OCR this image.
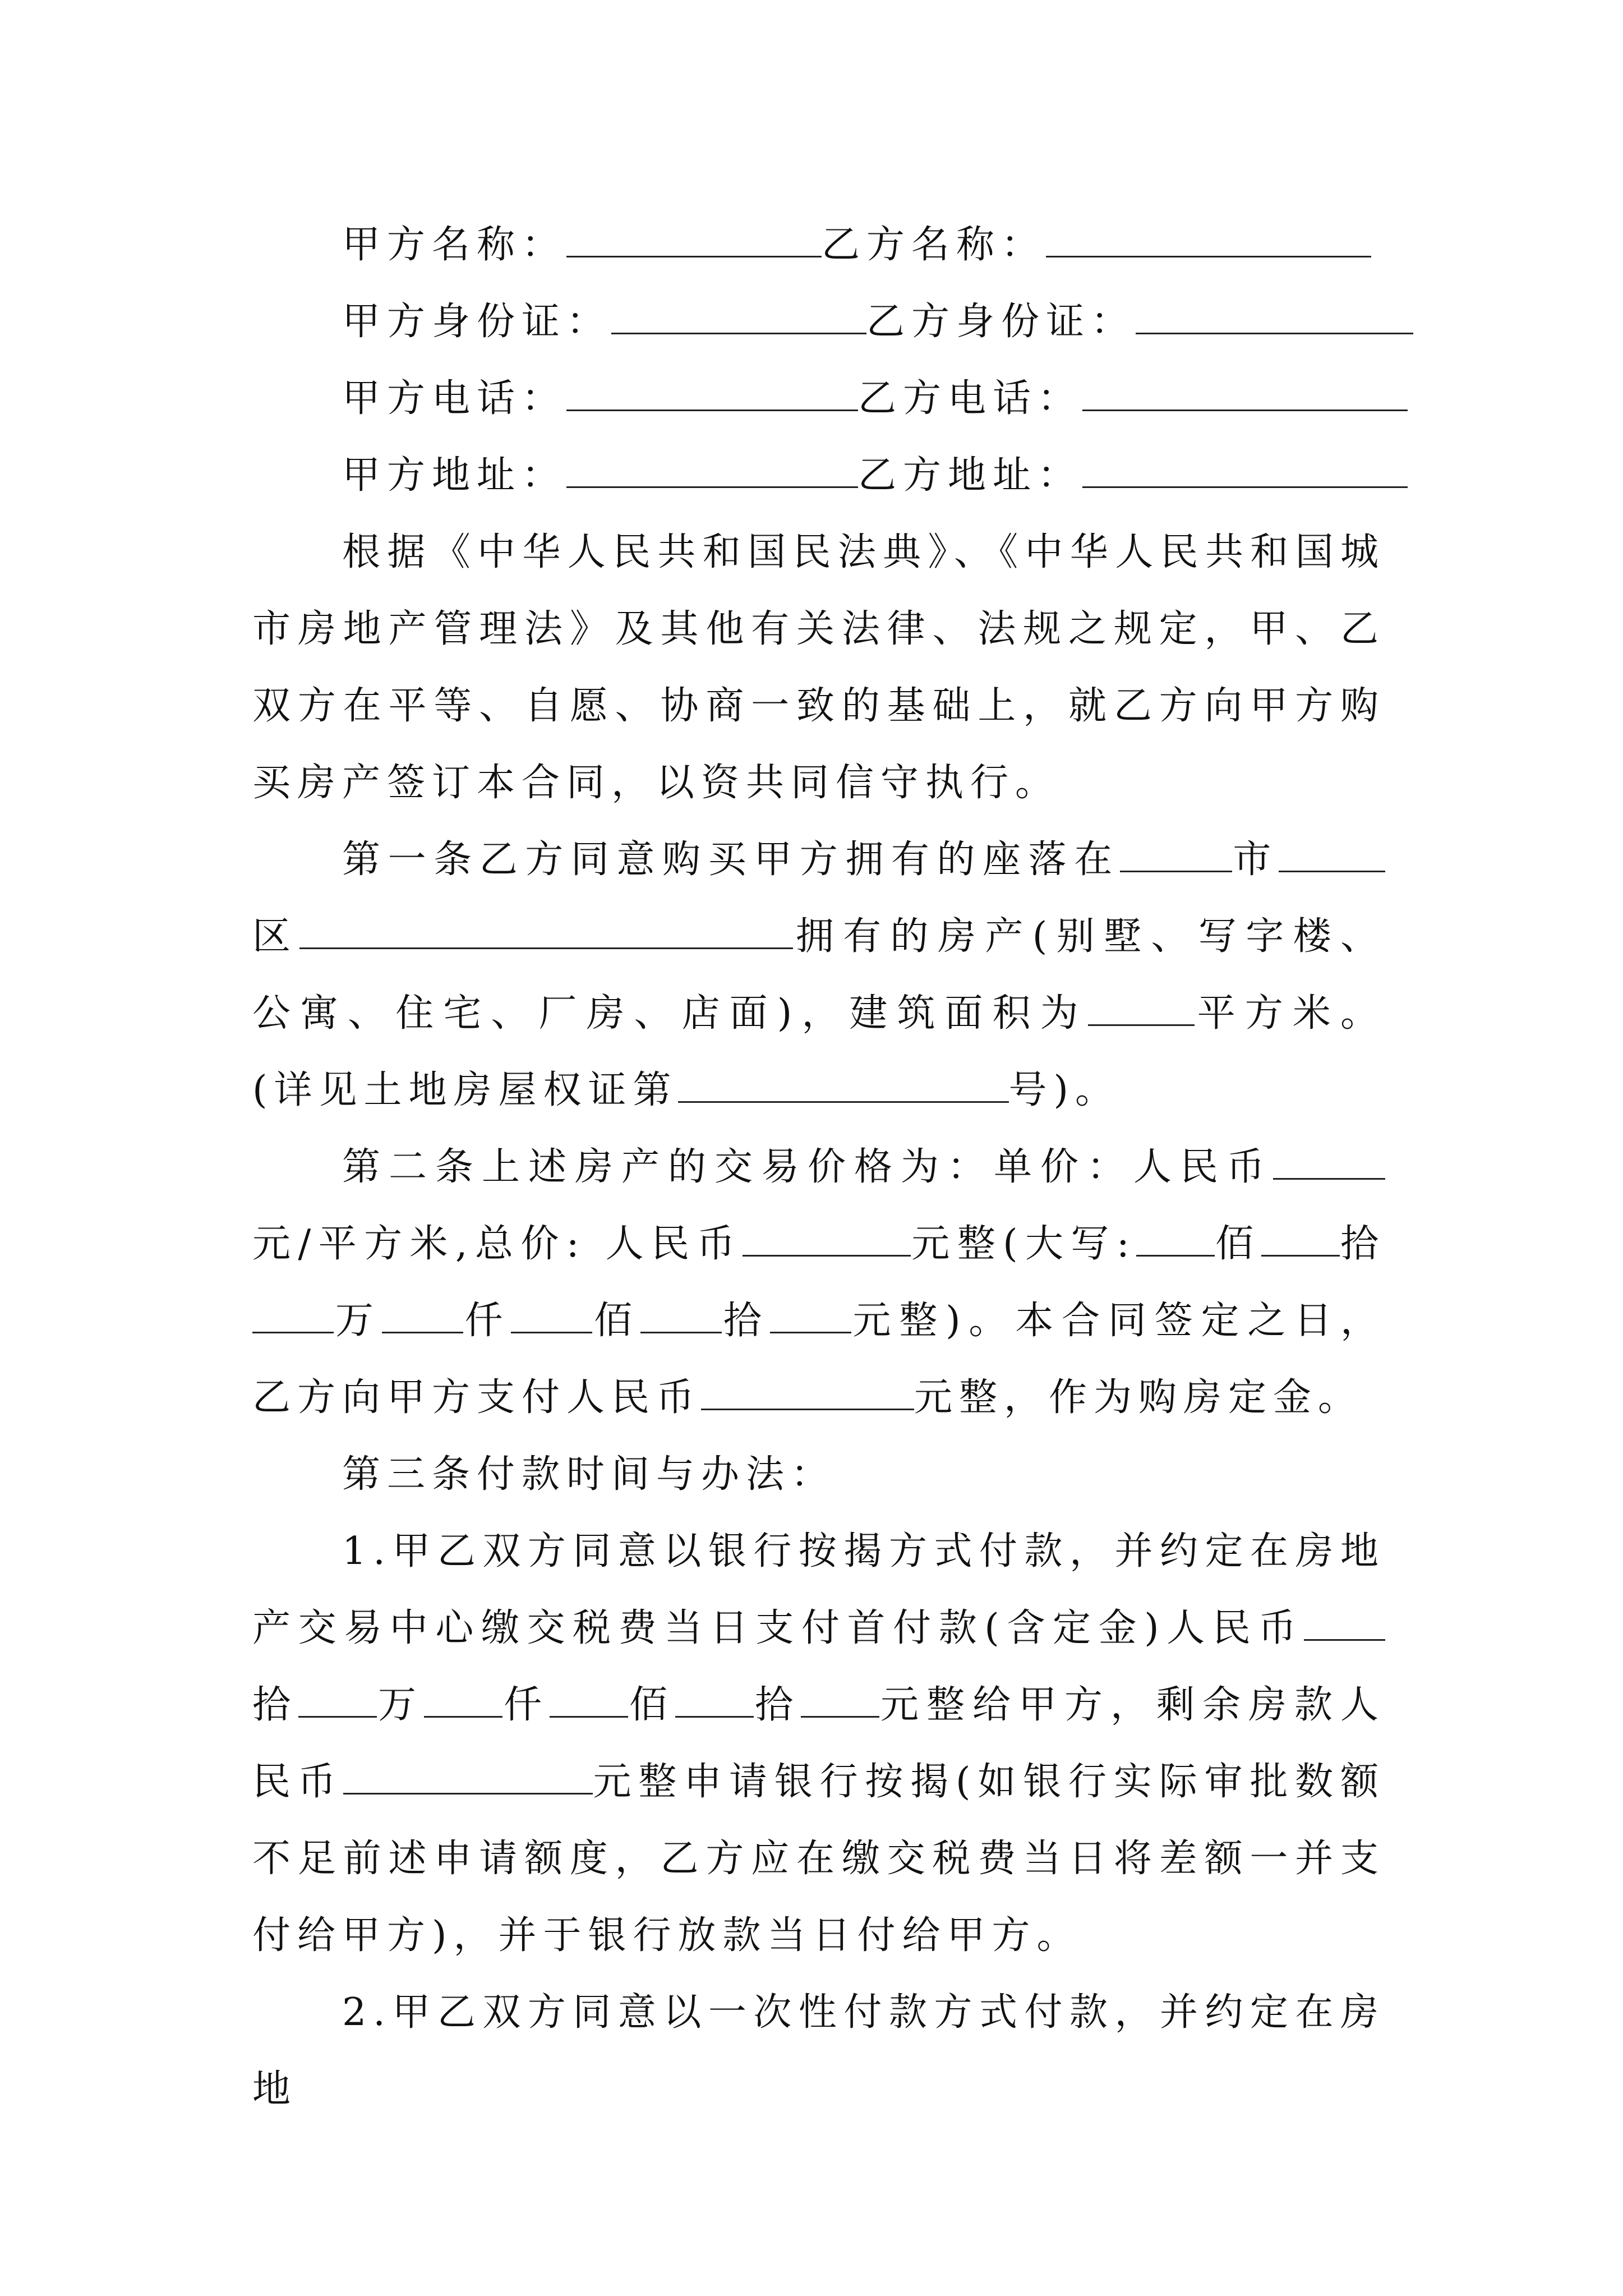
甲方名称：	乙方名称：
甲方身份证：	乙方身份证：
甲方电话：	乙方电话：
甲方地址：	乙方地址：

根据《中华人民共和国民法典》、《中华人民共和国城市房地产管理法》及其他有关法律、法规之规定，甲、乙双方在平等、自愿、协商一致的基础上，就乙方向甲方购买房产签订本合同，以资共同信守执行。

第一条乙方同意购买甲方拥有的座落在	市区	拥有的房产(别墅、写字楼、公寓、住宅、厂房、店面)，建筑面积为	平方米。(详见土地房屋权证第	号)。

第二条上述房产的交易价格为：单价：人民币元/平方米,总价: 人民币	元整(大写: 佰 拾万 仟 佰 拾 元整)。本合同签定之日，乙方向甲方支付人民币	元整，作为购房定金。

第三条付款时间与办法：

1.甲乙双方同意以银行按揭方式付款，并约定在房地产交易中心缴交税费当日支付首付款(含定金)人民币拾 万 仟 佰 拾 元整给甲方，剩余房款人民币	元整申请银行按揭(如银行实际审批数额不足前述申请额度，乙方应在缴交税费当日将差额一并支付给甲方)，并于银行放款当日付给甲方。

2.甲乙双方同意以一次性付款方式付款，并约定在房地
